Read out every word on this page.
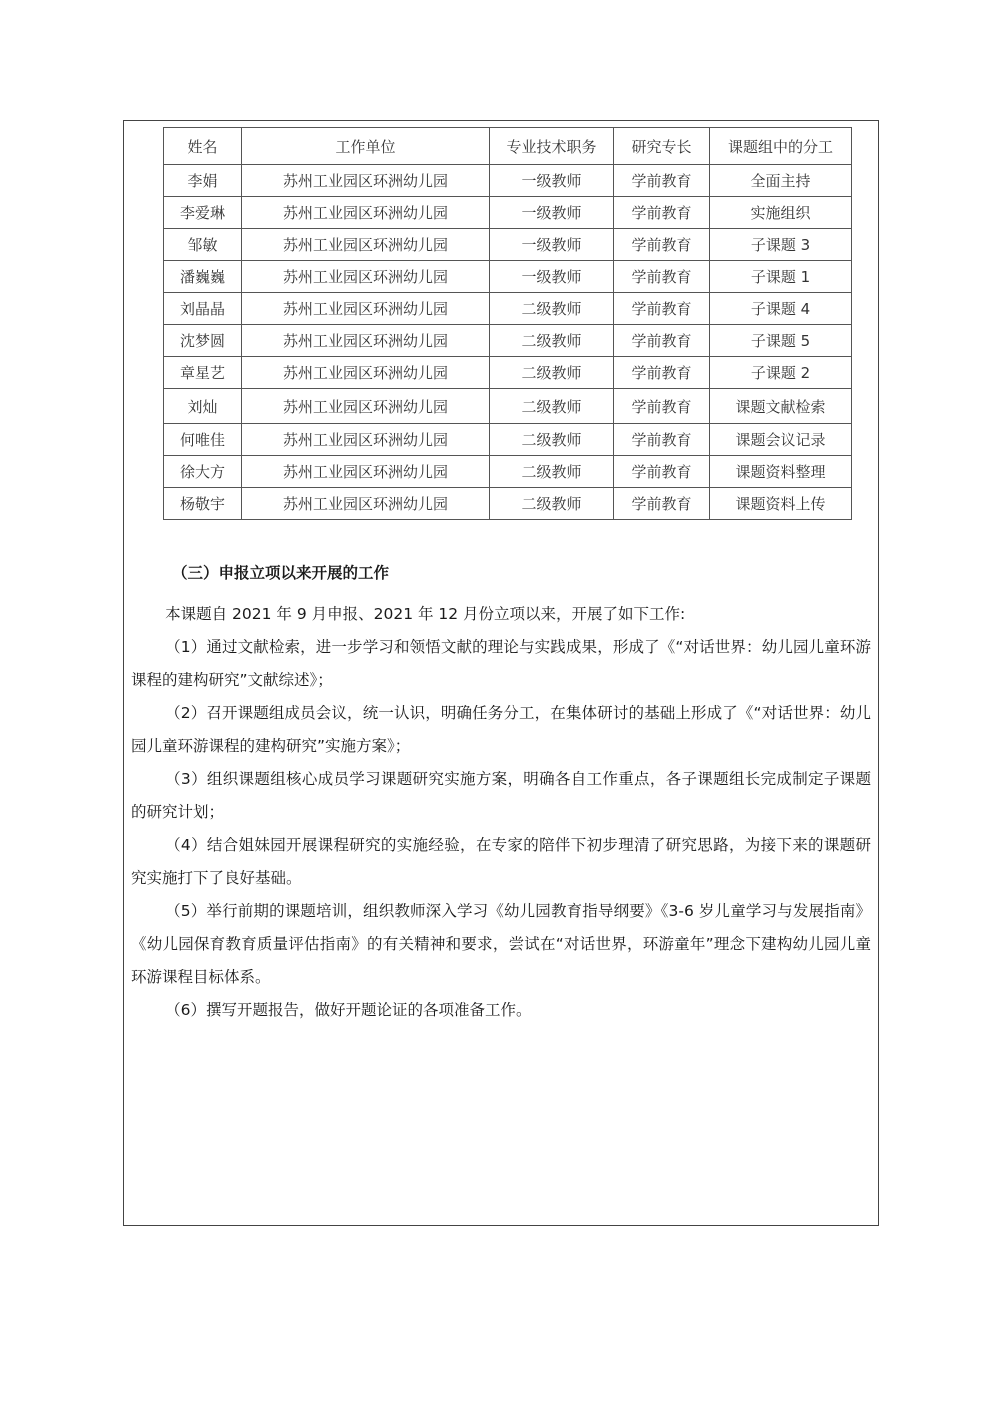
姓名	工作单位	专业技术职务	研究专长	课题组中的分工
李娟	苏州工业园区环洲幼儿园	一级教师	学前教育	全面主持
李爱琳	苏州工业园区环洲幼儿园	一级教师	学前教育	实施组织
邹敏	苏州工业园区环洲幼儿园	一级教师	学前教育	子课题 3
潘巍巍	苏州工业园区环洲幼儿园	一级教师	学前教育	子课题 1
刘晶晶	苏州工业园区环洲幼儿园	二级教师	学前教育	子课题 4
沈梦圆	苏州工业园区环洲幼儿园	二级教师	学前教育	子课题 5
章星艺	苏州工业园区环洲幼儿园	二级教师	学前教育	子课题 2
刘灿	苏州工业园区环洲幼儿园	二级教师	学前教育	课题文献检索
何唯佳	苏州工业园区环洲幼儿园	二级教师	学前教育	课题会议记录
徐大方	苏州工业园区环洲幼儿园	二级教师	学前教育	课题资料整理
杨敬宇	苏州工业园区环洲幼儿园	二级教师	学前教育	课题资料上传
（三）申报立项以来开展的工作

本课题自 2021 年 9 月申报、2021 年 12 月份立项以来，开展了如下工作:

（1）通过文献检索，进一步学习和领悟文献的理论与实践成果，形成了《“对话世界：幼儿园儿童环游课程的建构研究”文献综述》；

（2）召开课题组成员会议，统一认识，明确任务分工，在集体研讨的基础上形成了《“对话世界：幼儿园儿童环游课程的建构研究”实施方案》；

（3）组织课题组核心成员学习课题研究实施方案，明确各自工作重点，各子课题组长完成制定子课题的研究计划；

（4）结合姐妹园开展课程研究的实施经验，在专家的陪伴下初步理清了研究思路，为接下来的课题研究实施打下了良好基础。

（5）举行前期的课题培训，组织教师深入学习《幼儿园教育指导纲要》《3-6 岁儿童学习与发展指南》《幼儿园保育教育质量评估指南》的有关精神和要求，尝试在“对话世界，环游童年”理念下建构幼儿园儿童环游课程目标体系。

（6）撰写开题报告，做好开题论证的各项准备工作。
